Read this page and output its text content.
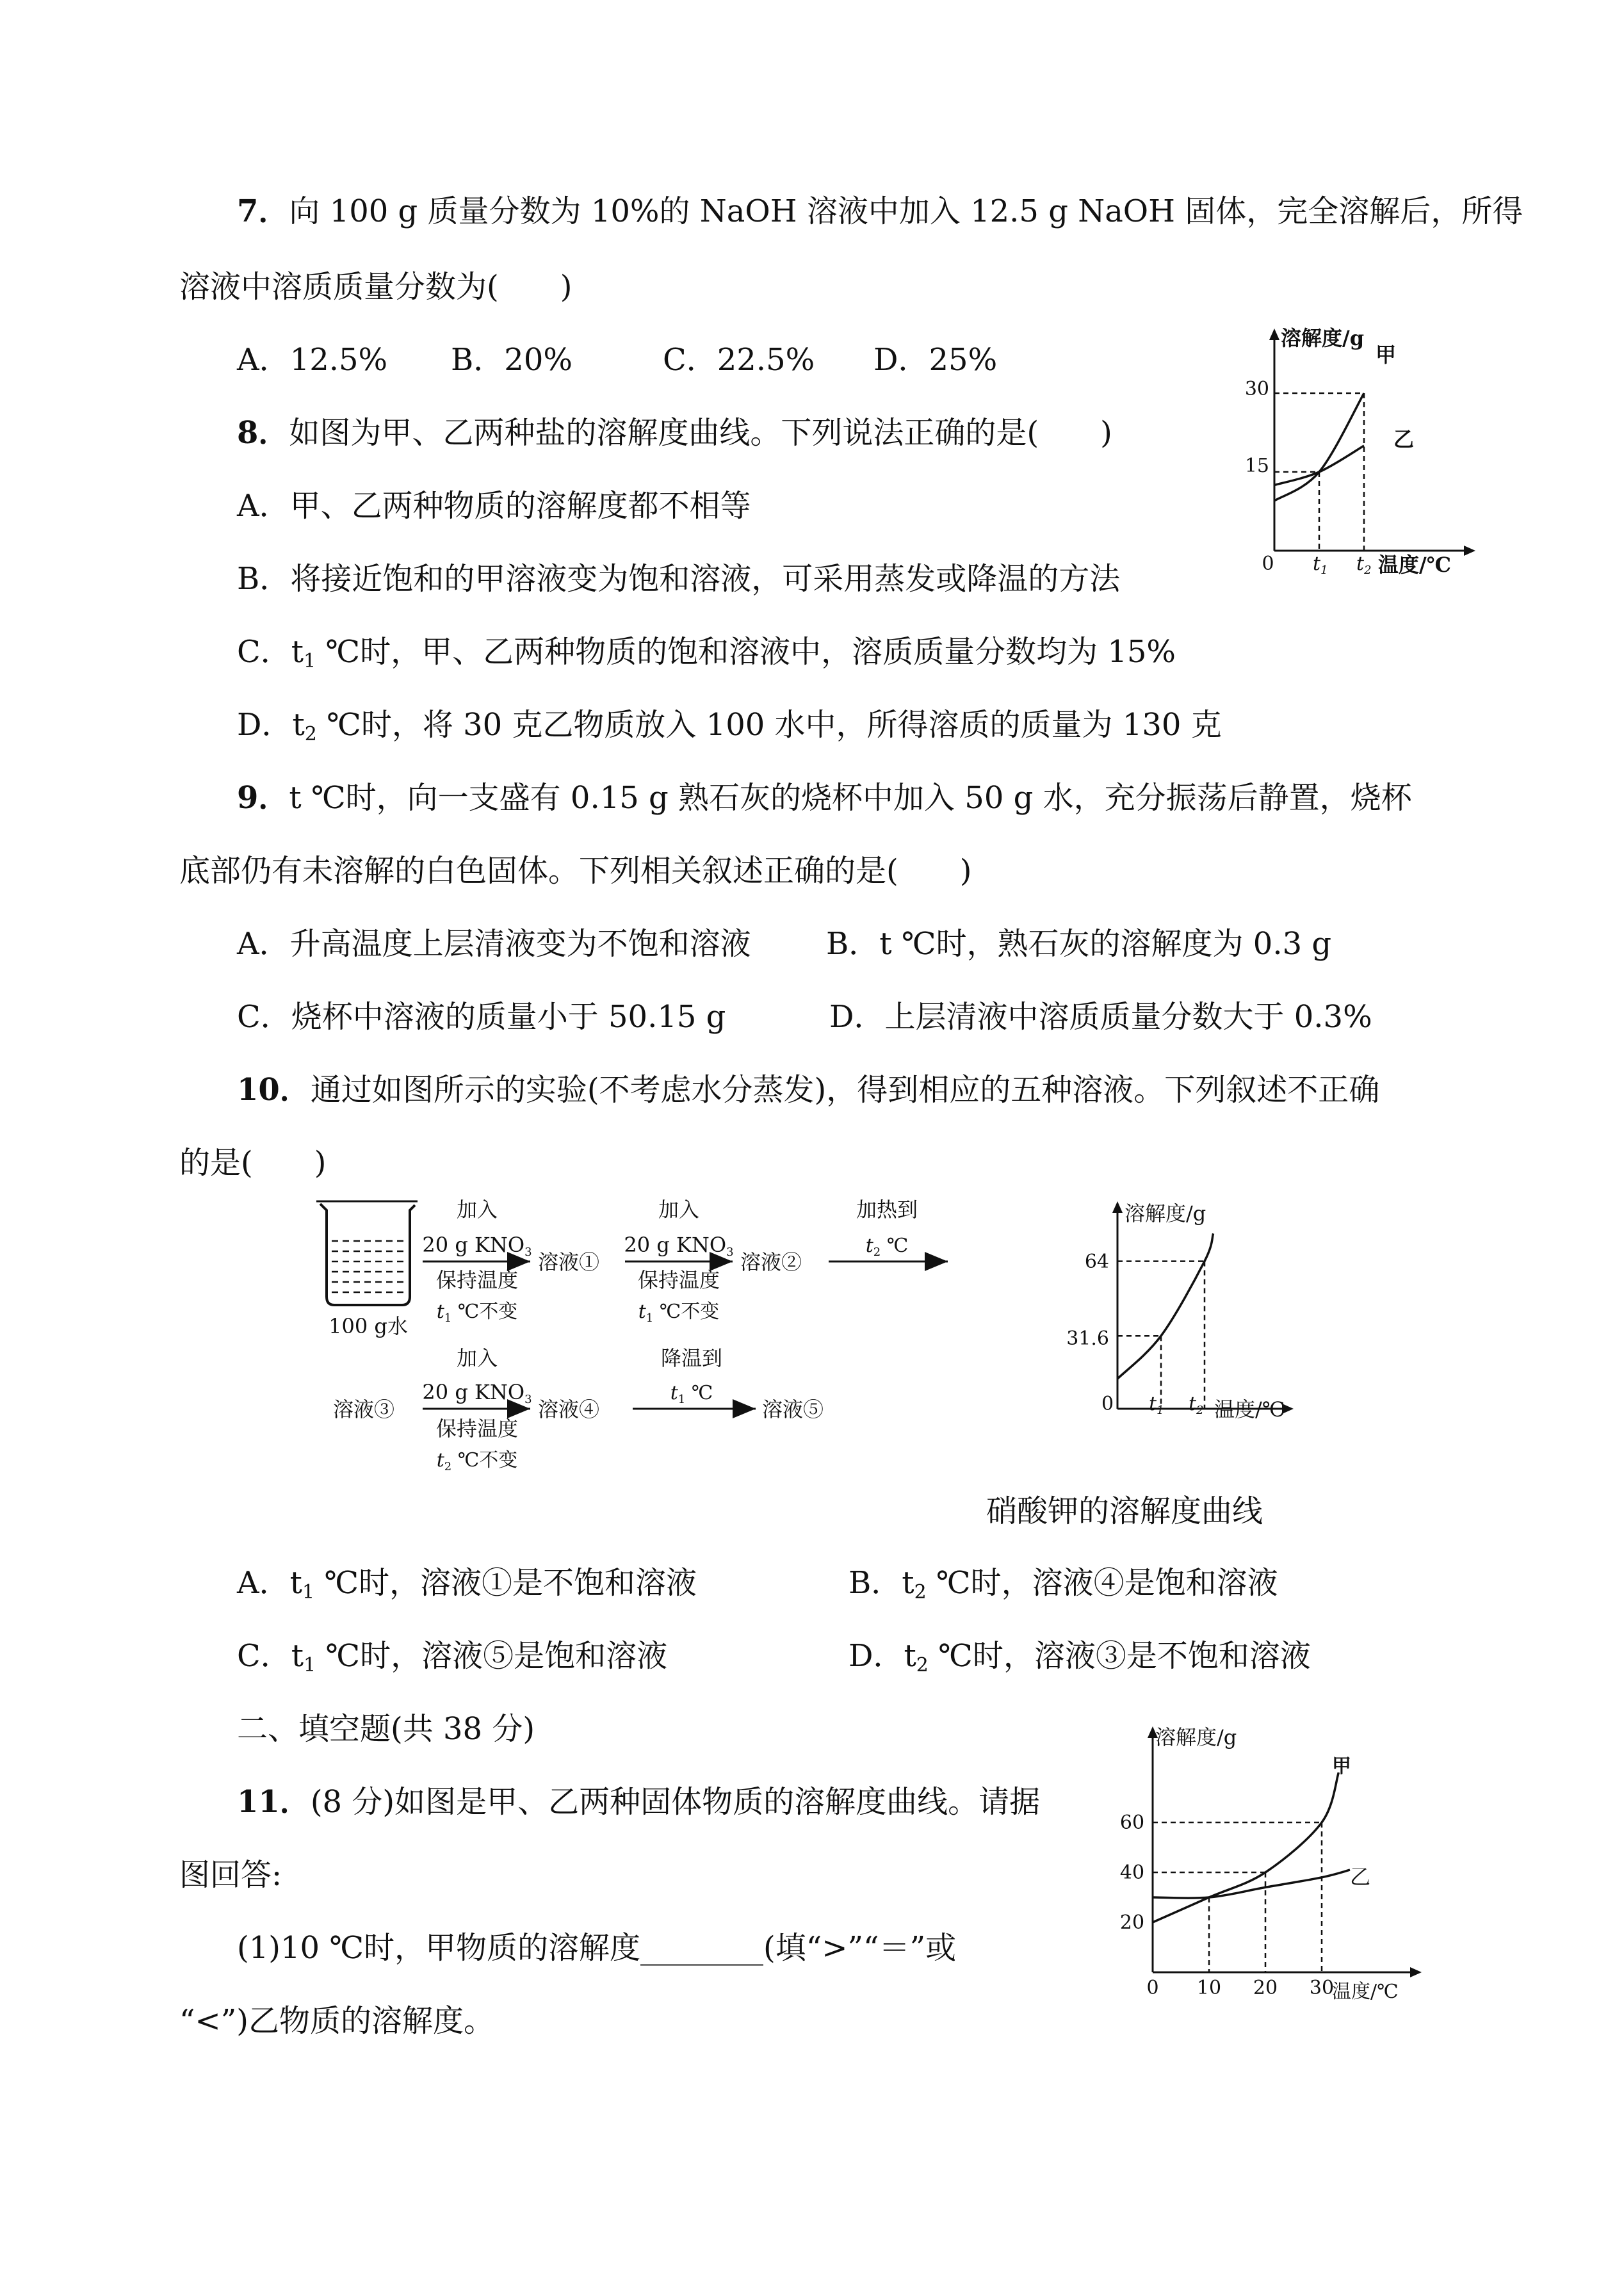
7．向 100 g 质量分数为 10%的 NaOH 溶液中加入 12.5 g NaOH 固体，完全溶解后，所得
溶液中溶质质量分数为(　　)
A．12.5% B．20%	C．22.5% D．25%
8．如图为甲、乙两种盐的溶解度曲线。下列说法正确的是(　　)
A．甲、乙两种物质的溶解度都不相等
B．将接近饱和的甲溶液变为饱和溶液，可采用蒸发或降温的方法
C．$t_1$ ℃时，甲、乙两种物质的饱和溶液中，溶质质量分数均为 15%
D．$t_2$ ℃时，将 30 克乙物质放入 100 水中，所得溶质的质量为 130 克
溶解度/g
0
30
15
$t_1$ $t_2$ 温度/℃
甲
乙
9．t ℃时，向一支盛有 0.15 g 熟石灰的烧杯中加入 50 g 水，充分振荡后静置，烧杯
底部仍有未溶解的白色固体。下列相关叙述正确的是(　　)
A．升高温度上层清液变为不饱和溶液 B．t ℃时，熟石灰的溶解度为 0.3 g
C．烧杯中溶液的质量小于 50.15 g	D．上层清液中溶质质量分数大于 0.3%
10．通过如图所示的实验(不考虑水分蒸发)，得到相应的五种溶液。下列叙述不正确
的是(　　)
100 g水
加入
20 g KNO3
保持温度
$t_1$ ℃不变
溶液①
加入
20 g KNO3
保持温度
$t_1$ ℃不变
溶液②
加热到
$t_2$ ℃
溶液③
加入
20 g KNO3
保持温度
$t_2$ ℃不变
溶液④
降温到
$t_1$ ℃
溶液⑤
溶解度/g
64
31.6
0 $t_1$ $t_2$ 温度/℃
硝酸钾的溶解度曲线
A．$t_1$ ℃时，溶液①是不饱和溶液	B．$t_2$ ℃时，溶液④是饱和溶液
C．$t_1$ ℃时，溶液⑤是饱和溶液	D．$t_2$ ℃时，溶液③是不饱和溶液
二、填空题(共 38 分)
11．(8 分)如图是甲、乙两种固体物质的溶解度曲线。请据
图回答:
(1)10 ℃时，甲物质的溶解度________(填“>”“＝”或
“<”)乙物质的溶解度。
溶解度/g
温度/℃
甲
乙
0 10 20 30
20
40
60
